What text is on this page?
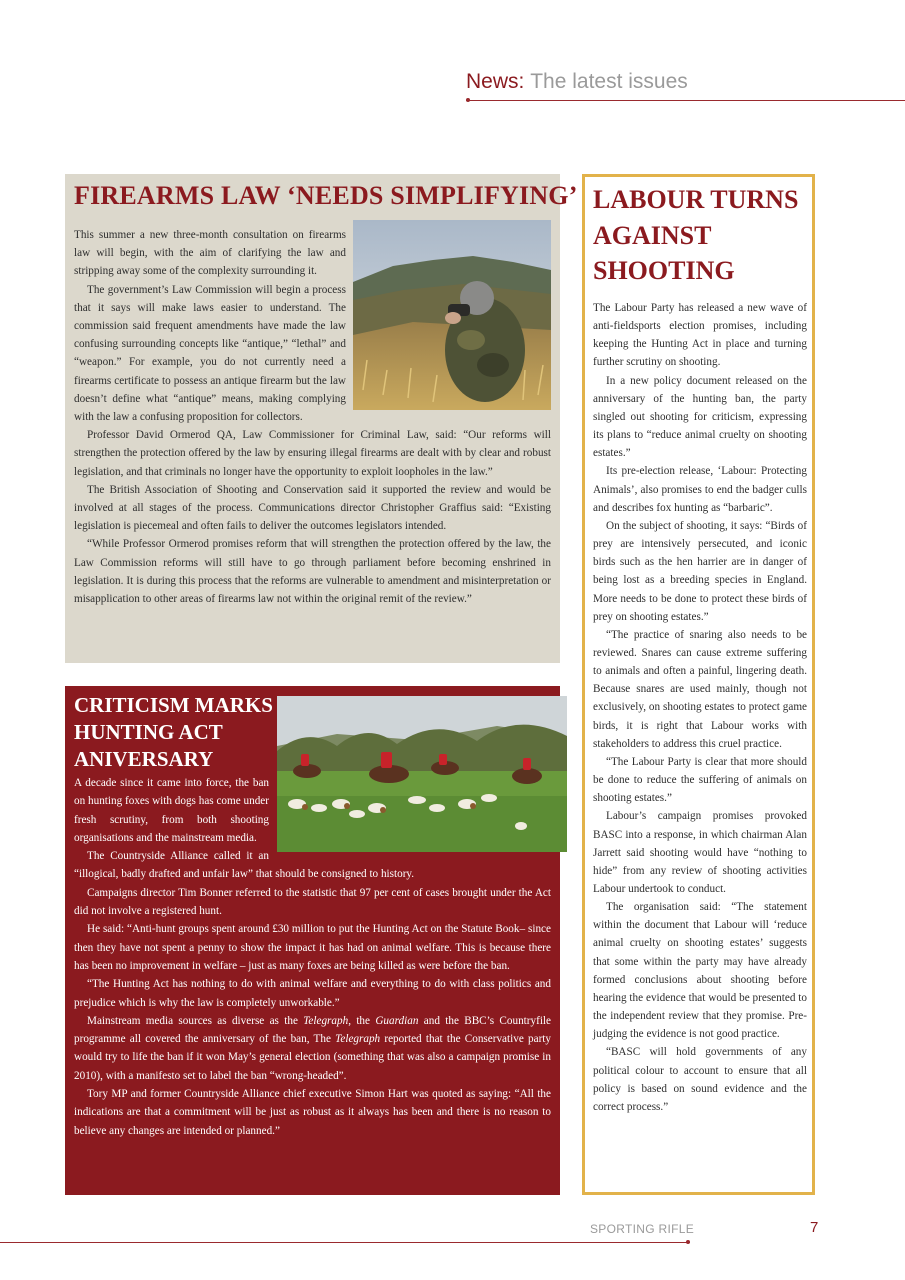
News: The latest issues
FIREARMS LAW ‘NEEDS SIMPLIFYING’

This summer a new three-month consultation on firearms law will begin, with the aim of clarifying the law and stripping away some of the complexity surrounding it.

The government’s Law Commission will begin a process that it says will make laws easier to understand. The commission said frequent amendments have made the law confusing surrounding concepts like “antique,” “lethal” and “weapon.” For example, you do not currently need a firearms certificate to possess an antique firearm but the law doesn’t define what “antique” means, making complying with the law a confusing proposition for collectors.

Professor David Ormerod QA, Law Commissioner for Criminal Law, said: “Our reforms will strengthen the protection offered by the law by ensuring illegal firearms are dealt with by clear and robust legislation, and that criminals no longer have the opportunity to exploit loopholes in the law.”

The British Association of Shooting and Conservation said it supported the review and would be involved at all stages of the process. Communications director Christopher Graffius said: “Existing legislation is piecemeal and often fails to deliver the outcomes legislators intended.

“While Professor Ormerod promises reform that will strengthen the protection offered by the law, the Law Commission reforms will still have to go through parliament before becoming enshrined in legislation. It is during this process that the reforms are vulnerable to amendment and misinterpretation or misapplication to other areas of firearms law not within the original remit of the review.”

CRITICISM MARKS HUNTING ACT ANIVERSARY

A decade since it came into force, the ban on hunting foxes with dogs has come under fresh scrutiny, from both shooting organisations and the mainstream media.

The Countryside Alliance called it an “illogical, badly drafted and unfair law” that should be consigned to history.

Campaigns director Tim Bonner referred to the statistic that 97 per cent of cases brought under the Act did not involve a registered hunt.

He said: “Anti-hunt groups spent around £30 million to put the Hunting Act on the Statute Book– since then they have not spent a penny to show the impact it has had on animal welfare. This is because there has been no improvement in welfare – just as many foxes are being killed as were before the ban.

“The Hunting Act has nothing to do with animal welfare and everything to do with class politics and prejudice which is why the law is completely unworkable.”

Mainstream media sources as diverse as the Telegraph, the Guardian and the BBC’s Countryfile programme all covered the anniversary of the ban, The Telegraph reported that the Conservative party would try to life the ban if it won May’s general election (something that was also a campaign promise in 2010), with a manifesto set to label the ban “wrong-headed”.

Tory MP and former Countryside Alliance chief executive Simon Hart was quoted as saying: “All the indications are that a commitment will be just as robust as it always has been and there is no reason to believe any changes are intended or planned.”

LABOUR TURNS AGAINST SHOOTING

The Labour Party has released a new wave of anti-fieldsports election promises, including keeping the Hunting Act in place and turning further scrutiny on shooting.

In a new policy document released on the anniversary of the hunting ban, the party singled out shooting for criticism, expressing its plans to “reduce animal cruelty on shooting estates.”

Its pre-election release, ‘Labour: Protecting Animals’, also promises to end the badger culls and describes fox hunting as “barbaric”.

On the subject of shooting, it says: “Birds of prey are intensively persecuted, and iconic birds such as the hen harrier are in danger of being lost as a breeding species in England. More needs to be done to protect these birds of prey on shooting estates.”

“The practice of snaring also needs to be reviewed. Snares can cause extreme suffering to animals and often a painful, lingering death. Because snares are used mainly, though not exclusively, on shooting estates to protect game birds, it is right that Labour works with stakeholders to address this cruel practice.

“The Labour Party is clear that more should be done to reduce the suffering of animals on shooting estates.”

Labour’s campaign promises provoked BASC into a response, in which chairman Alan Jarrett said shooting would have “nothing to hide” from any review of shooting activities Labour undertook to conduct.

The organisation said: “The statement within the document that Labour will ‘reduce animal cruelty on shooting estates’ suggests that some within the party may have already formed conclusions about shooting before hearing the evidence that would be presented to the independent review that they promise. Pre-judging the evidence is not good practice.

“BASC will hold governments of any political colour to account to ensure that all policy is based on sound evidence and the correct process.”

SPORTING RIFLE	7
